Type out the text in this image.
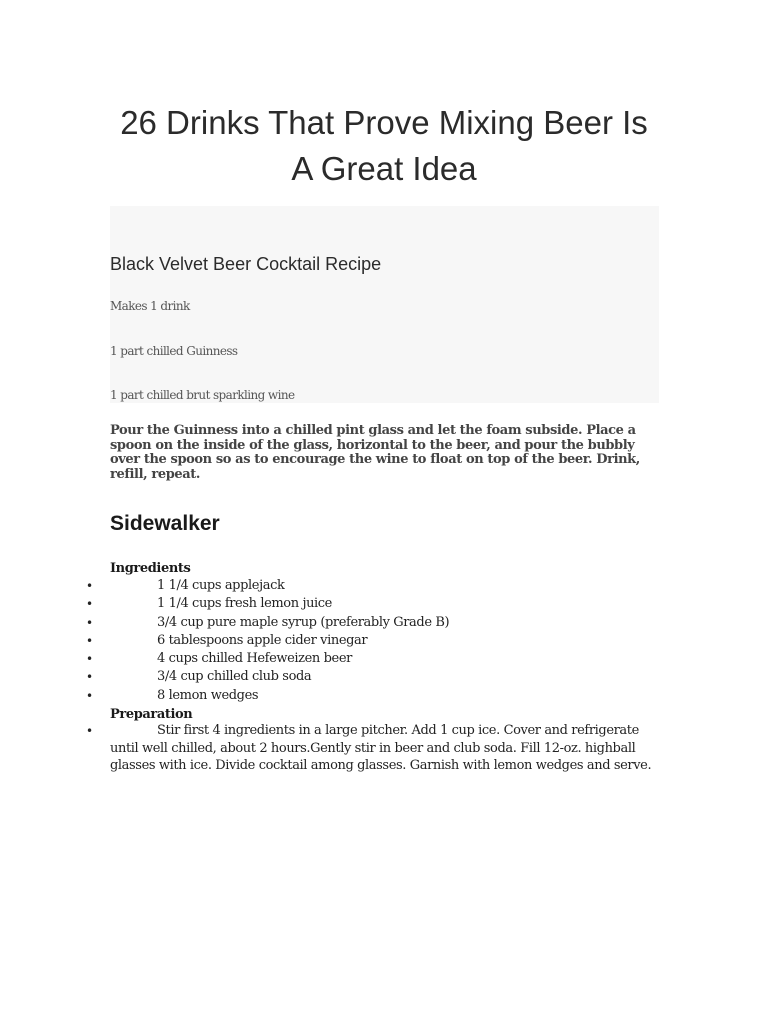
26 Drinks That Prove Mixing Beer Is A Great Idea
Black Velvet Beer Cocktail Recipe

Makes 1 drink

1 part chilled Guinness

1 part chilled brut sparkling wine

Pour the Guinness into a chilled pint glass and let the foam subside. Place a spoon on the inside of the glass, horizontal to the beer, and pour the bubbly over the spoon so as to encourage the wine to float on top of the beer. Drink, refill, repeat.

Sidewalker

Ingredients

•	1 1/4 cups applejack
•	1 1/4 cups fresh lemon juice
•	3/4 cup pure maple syrup (preferably Grade B)
•	6 tablespoons apple cider vinegar
•	4 cups chilled Hefeweizen beer
•	3/4 cup chilled club soda
•	8 lemon wedges

Preparation

•	Stir first 4 ingredients in a large pitcher. Add 1 cup ice. Cover and refrigerate until well chilled, about 2 hours.Gently stir in beer and club soda. Fill 12-oz. highball glasses with ice. Divide cocktail among glasses. Garnish with lemon wedges and serve.
